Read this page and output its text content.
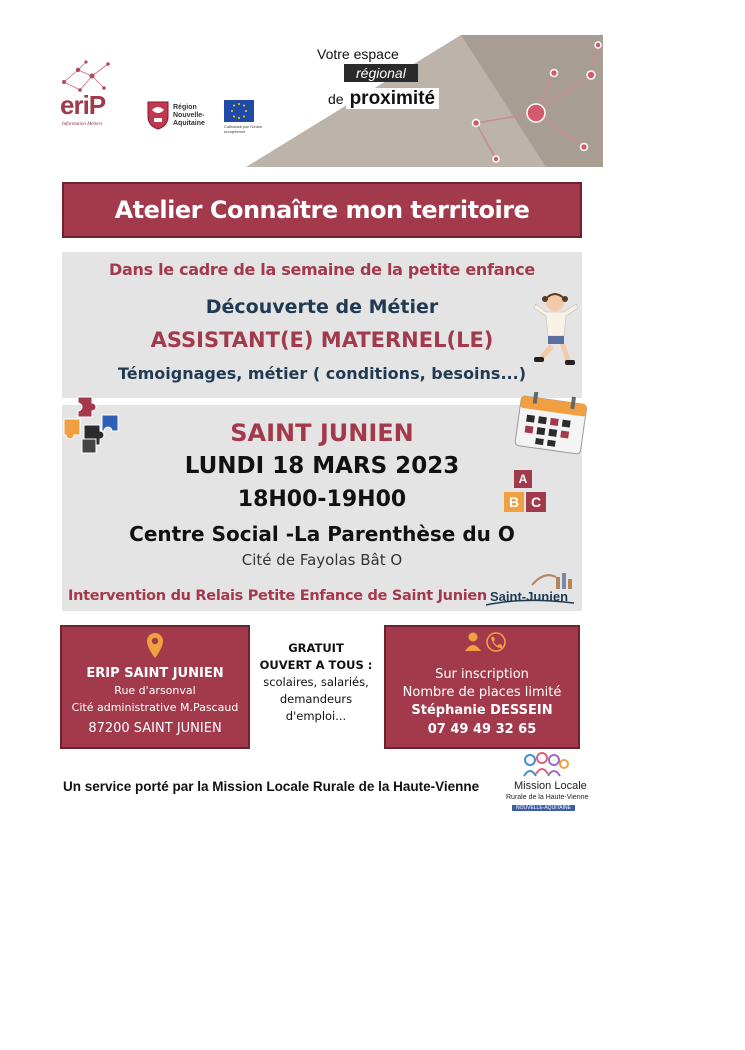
eriP
Information Métiers
Région Nouvelle-Aquitaine	Cofinancé par l'Union européenne
Votre espace
régional
de proximité
Atelier Connaître mon territoire
Dans le cadre de la semaine de la petite enfance
Découverte de Métier
ASSISTANT(E) MATERNEL(LE)
Témoignages, métier ( conditions, besoins...)
SAINT JUNIEN
LUNDI 18 MARS 2023
18H00-19H00
Centre Social -La Parenthèse du O
Cité de Fayolas Bât O
Intervention du Relais Petite Enfance de Saint Junien Saint-Junien
A
B C
ERIP SAINT JUNIEN
Rue d'arsonval
Cité administrative M.Pascaud
87200 SAINT JUNIEN
GRATUIT
OUVERT A TOUS :
scolaires, salariés,
demandeurs
d'emploi...
Sur inscription
Nombre de places limité
Stéphanie DESSEIN
07 49 49 32 65
Un service porté par la Mission Locale Rurale de la Haute-Vienne	Mission Locale
Rurale de la Haute-Vienne
NOUVELLE-AQUITAINE
